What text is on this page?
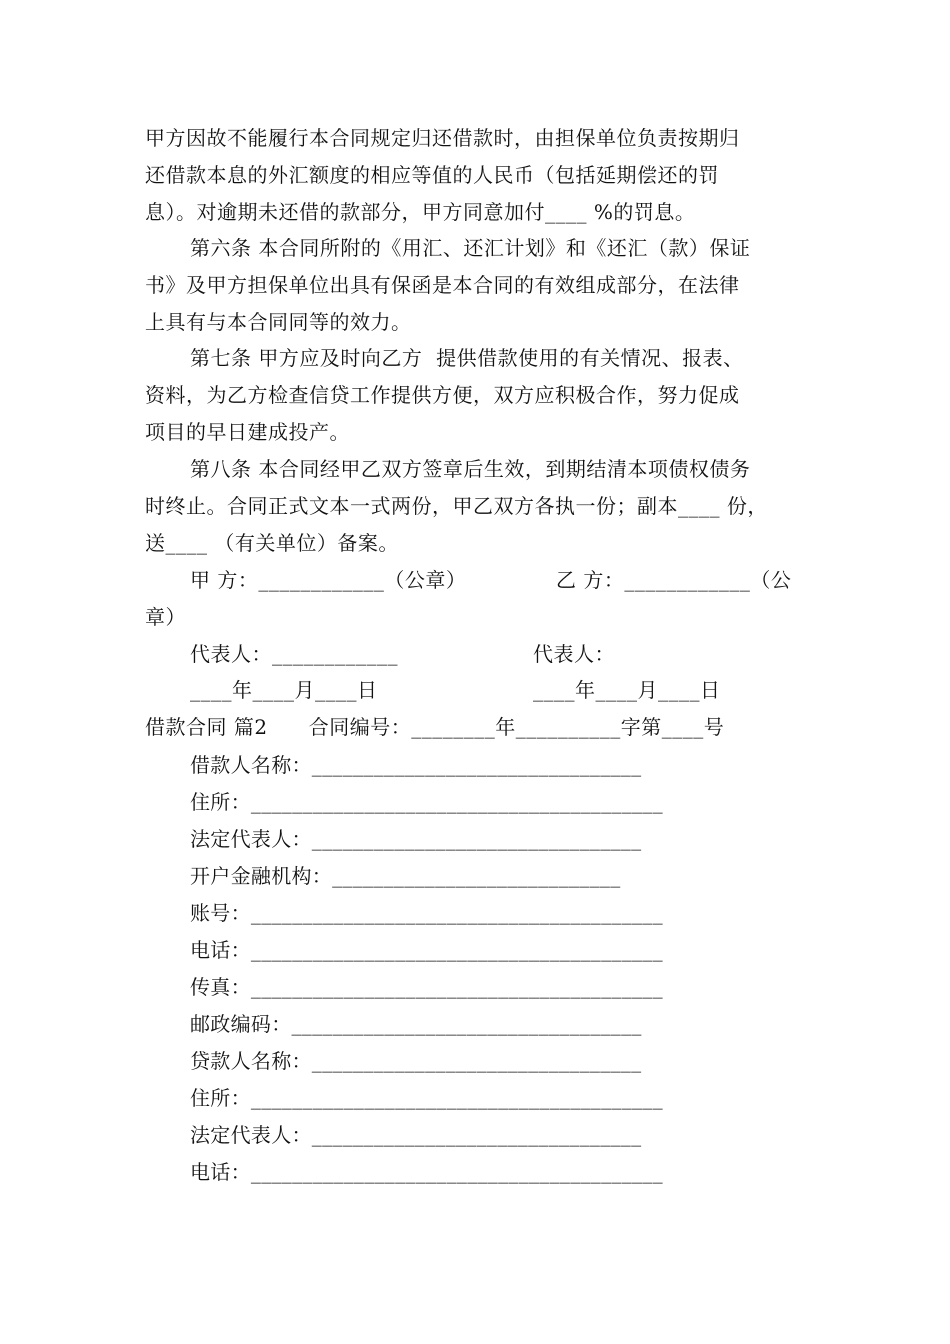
甲方因故不能履行本合同规定归还借款时，由担保单位负责按期归
还借款本息的外汇额度的相应等值的人民币（包括延期偿还的罚
息）。对逾期未还借的款部分，甲方同意加付____ %的罚息。
第六条 本合同所附的《用汇、还汇计划》和《还汇（款）保证
书》及甲方担保单位出具有保函是本合同的有效组成部分，在法律
上具有与本合同同等的效力。
第七条 甲方应及时向乙方  提供借款使用的有关情况、报表、
资料，为乙方检查信贷工作提供方便，双方应积极合作，努力促成
项目的早日建成投产。
第八条 本合同经甲乙双方签章后生效，到期结清本项债权债务
时终止。合同正式文本一式两份，甲乙双方各执一份；副本____ 份，
送____ （有关单位）备案。
甲 方：____________（公章）	乙 方：____________（公
章）
代表人：____________	代表人：
____年____月____日	____年____月____日
借款合同 篇2      合同编号：________年__________字第____号
借款人名称：________________________________
住所：________________________________________
法定代表人：________________________________
开户金融机构：____________________________
账号：________________________________________
电话：________________________________________
传真：________________________________________
邮政编码：__________________________________
贷款人名称：________________________________
住所：________________________________________
法定代表人：________________________________
电话：________________________________________
